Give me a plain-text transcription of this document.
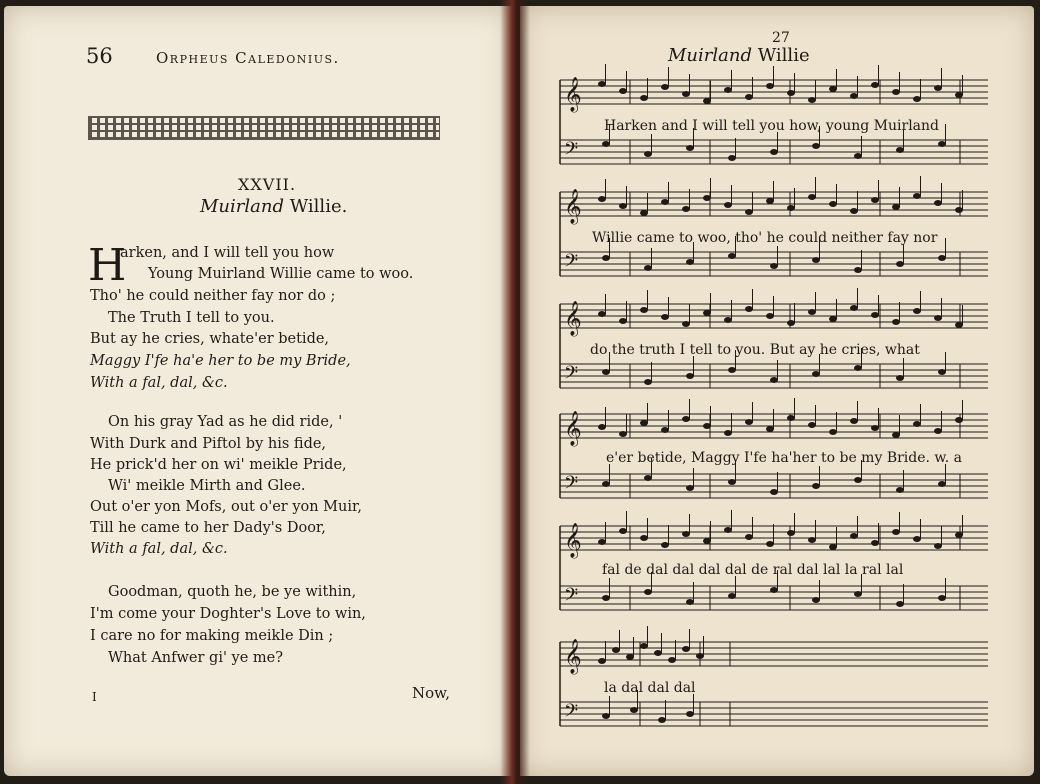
56	Orpheus Caledonius.
XXVII.
Muirland Willie.
H
arken, and I will tell you how
Young Muirland Willie came to woo.
Tho' he could neither fay nor do ;
The Truth I tell to you.
But ay he cries, whate'er betide,
Maggy I'fe ha'e her to be my Bride,
With a fal, dal, &c.
On his gray Yad as he did ride, '
With Durk and Piftol by his fide,
He prick'd her on wi' meikle Pride,
Wi' meikle Mirth and Glee.
Out o'er yon Mofs, out o'er yon Muir,
Till he came to her Dady's Door,
With a fal, dal, &c.
Goodman, quoth he, be ye within,
I'm come your Doghter's Love to win,
I care no for making meikle Din ;
What Anfwer gi' ye me?
Now,
I
27
Muirland Willie
𝄞
𝄢
𝄞
𝄢
𝄞
𝄢
𝄞
𝄢
𝄞
𝄢
𝄞
𝄢
Harken and I will tell you how, young Muirland
Willie came to woo, tho' he could neither fay nor
do the truth I tell to you. But ay he cries, what
e'er betide, Maggy I'fe ha'her to be my Bride. w. a
fal de dal dal dal dal de ral dal lal la ral lal
la dal dal dal
